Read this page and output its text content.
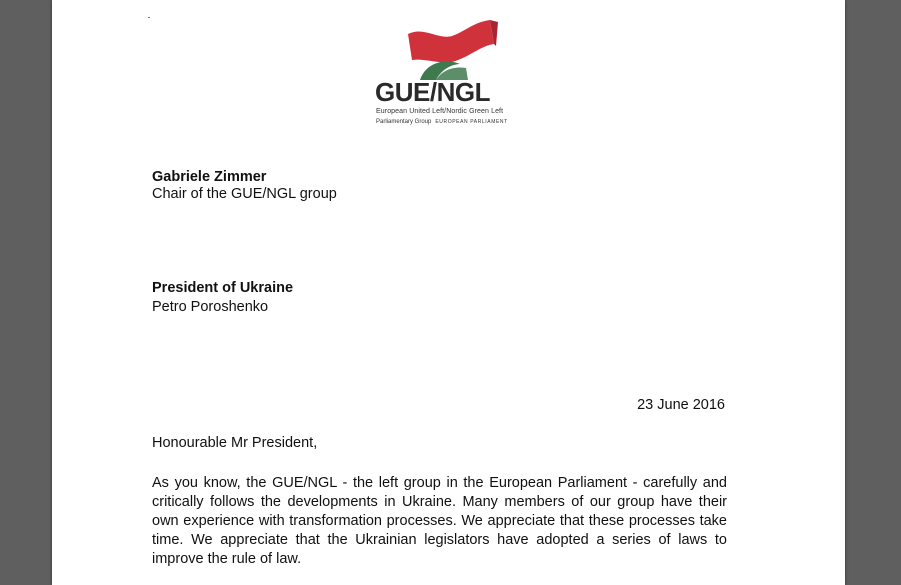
GUE/NGL
European United Left/Nordic Green Left
Parliamentary Group EUROPEAN PARLIAMENT
Gabriele Zimmer
Chair of the GUE/NGL group
President of Ukraine
Petro Poroshenko
23 June 2016
Honourable Mr President,
As you know, the GUE/NGL - the left group in the European Parliament - carefully and critically follows the developments in Ukraine. Many members of our group have their own experience with transformation processes. We appreciate that these processes take time. We appreciate that the Ukrainian legislators have adopted a series of laws to improve the rule of law.
